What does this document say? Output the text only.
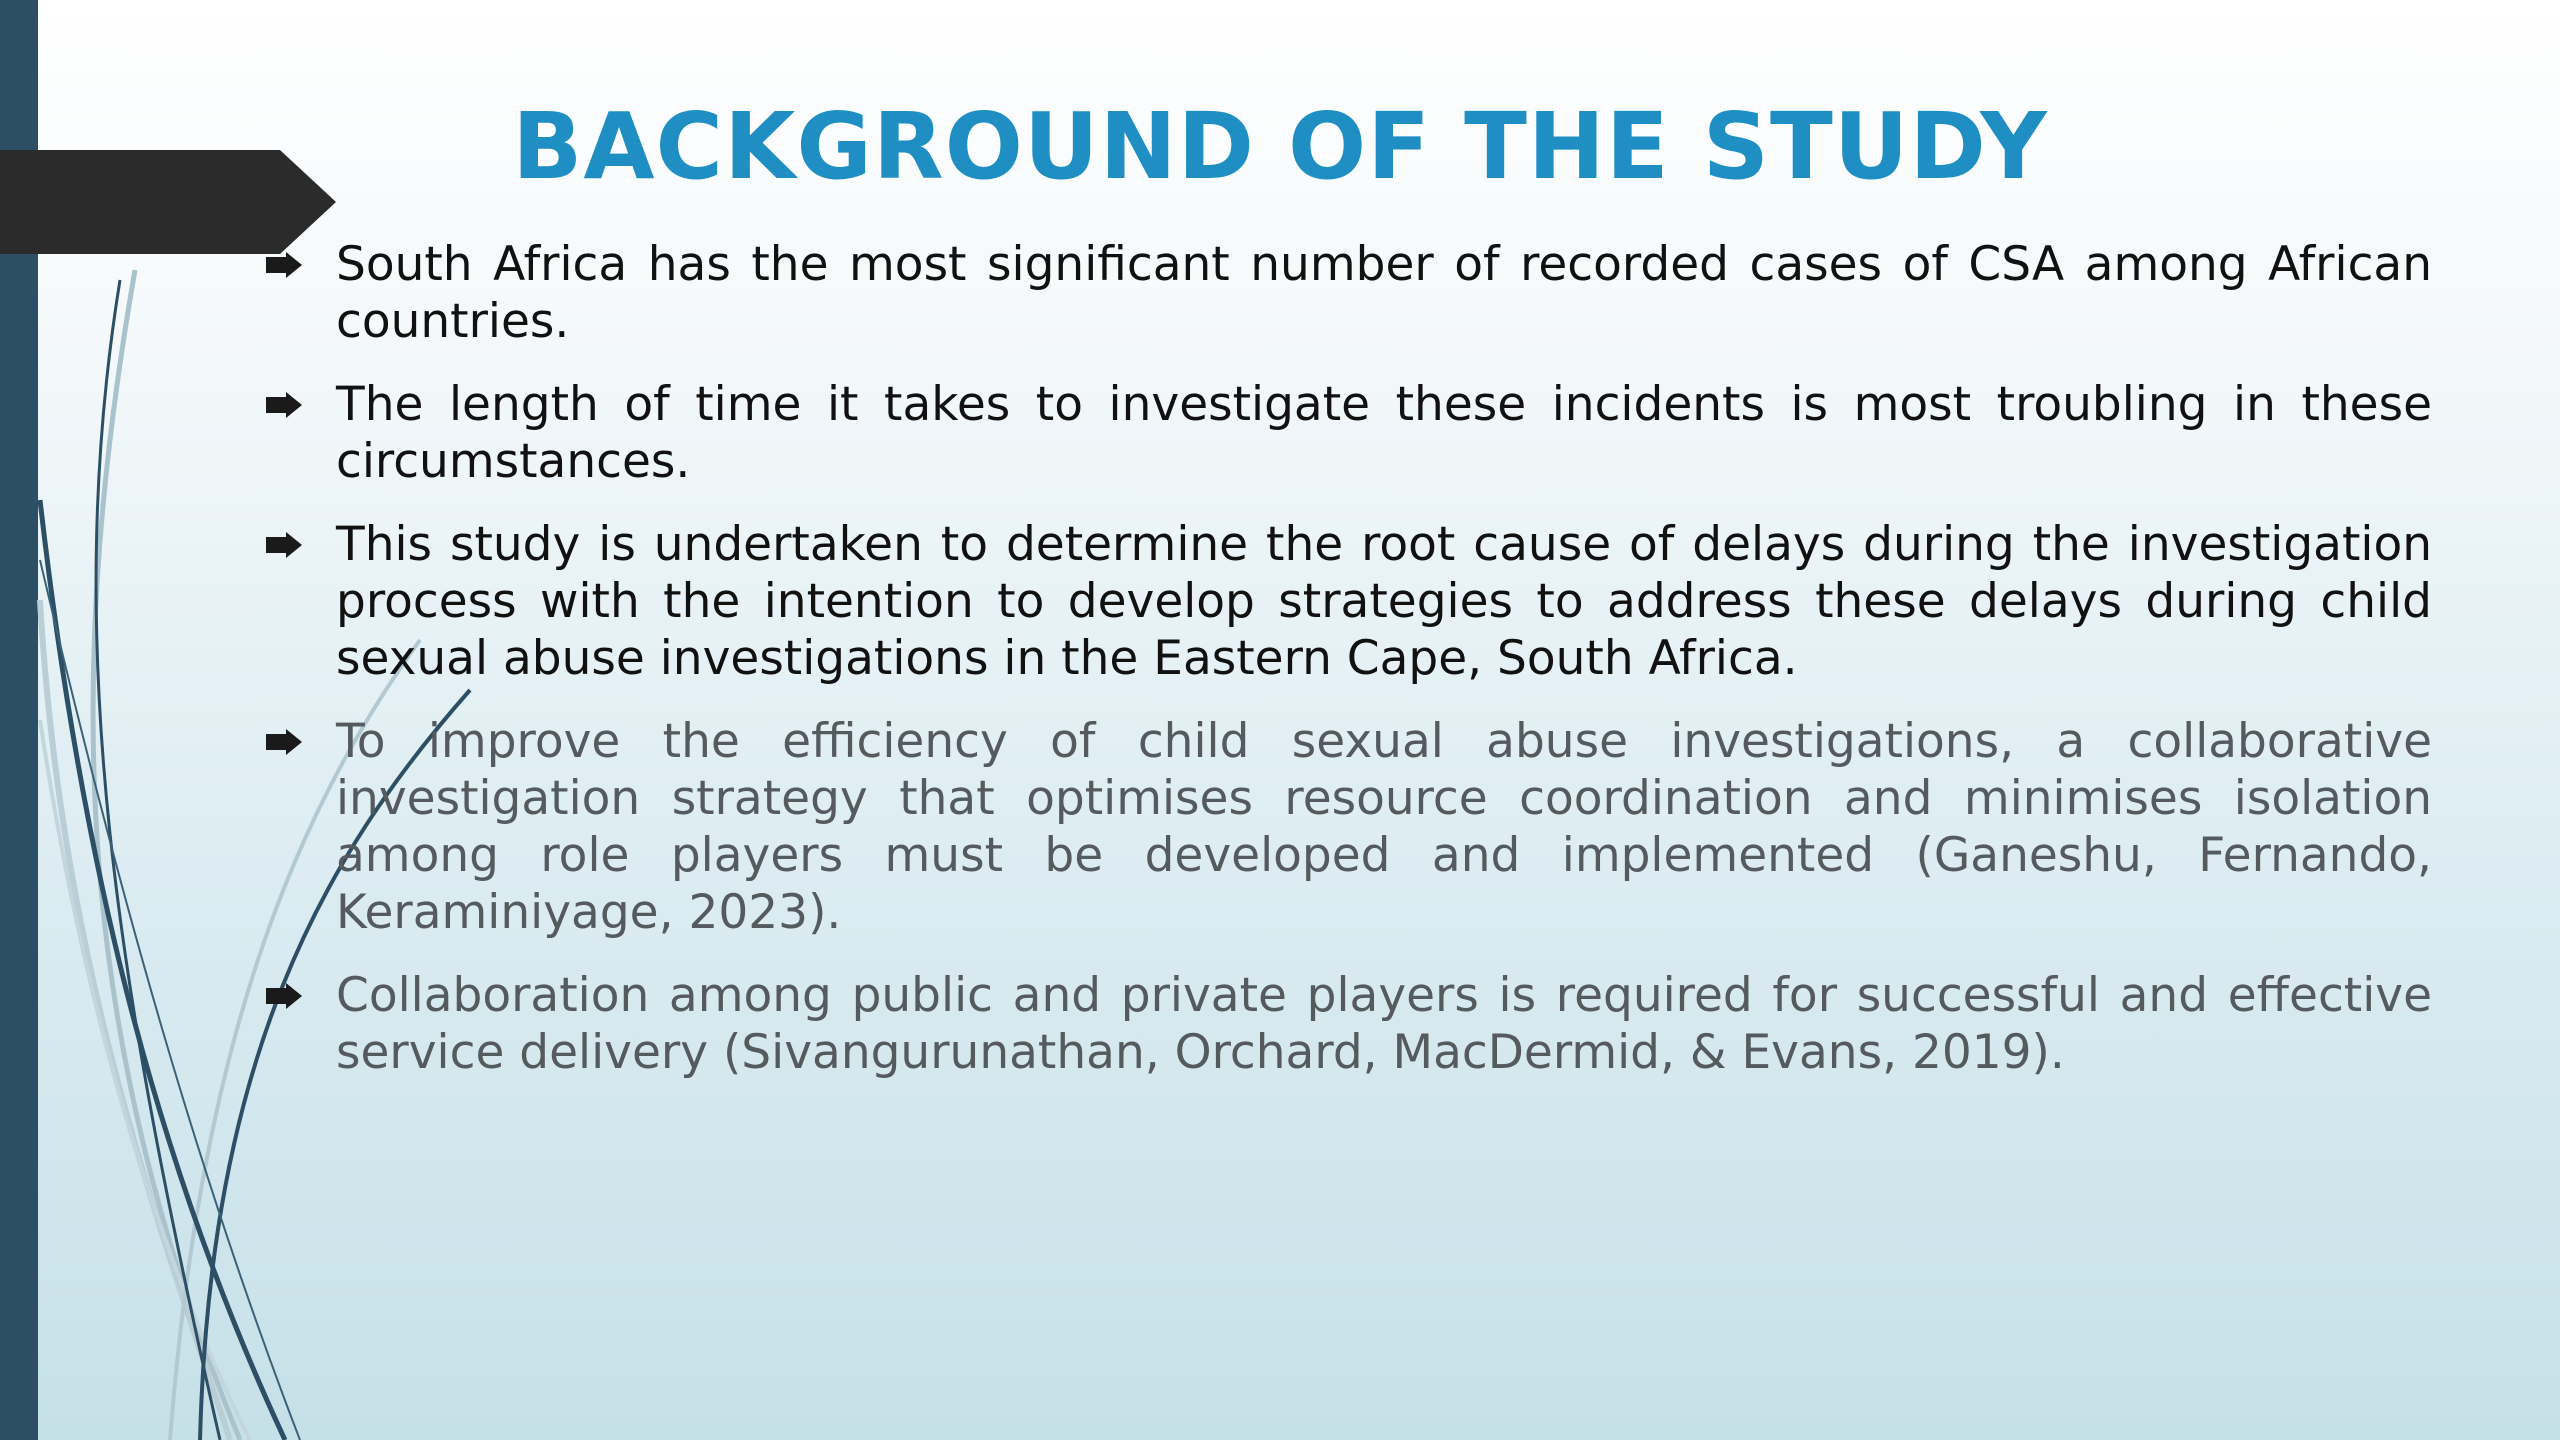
BACKGROUND OF THE STUDY
South Africa has the most significant number of recorded cases of CSA among African countries.
The length of time it takes to investigate these incidents is most troubling in these circumstances.
This study is undertaken to determine the root cause of delays during the investigation process with the intention to develop strategies to address these delays during child sexual abuse investigations in the Eastern Cape, South Africa.
To improve the efficiency of child sexual abuse investigations, a collaborative investigation strategy that optimises resource coordination and minimises isolation among role players must be developed and implemented (Ganeshu, Fernando, Keraminiyage, 2023).
Collaboration among public and private players is required for successful and effective service delivery (Sivangurunathan, Orchard, MacDermid, & Evans, 2019).
